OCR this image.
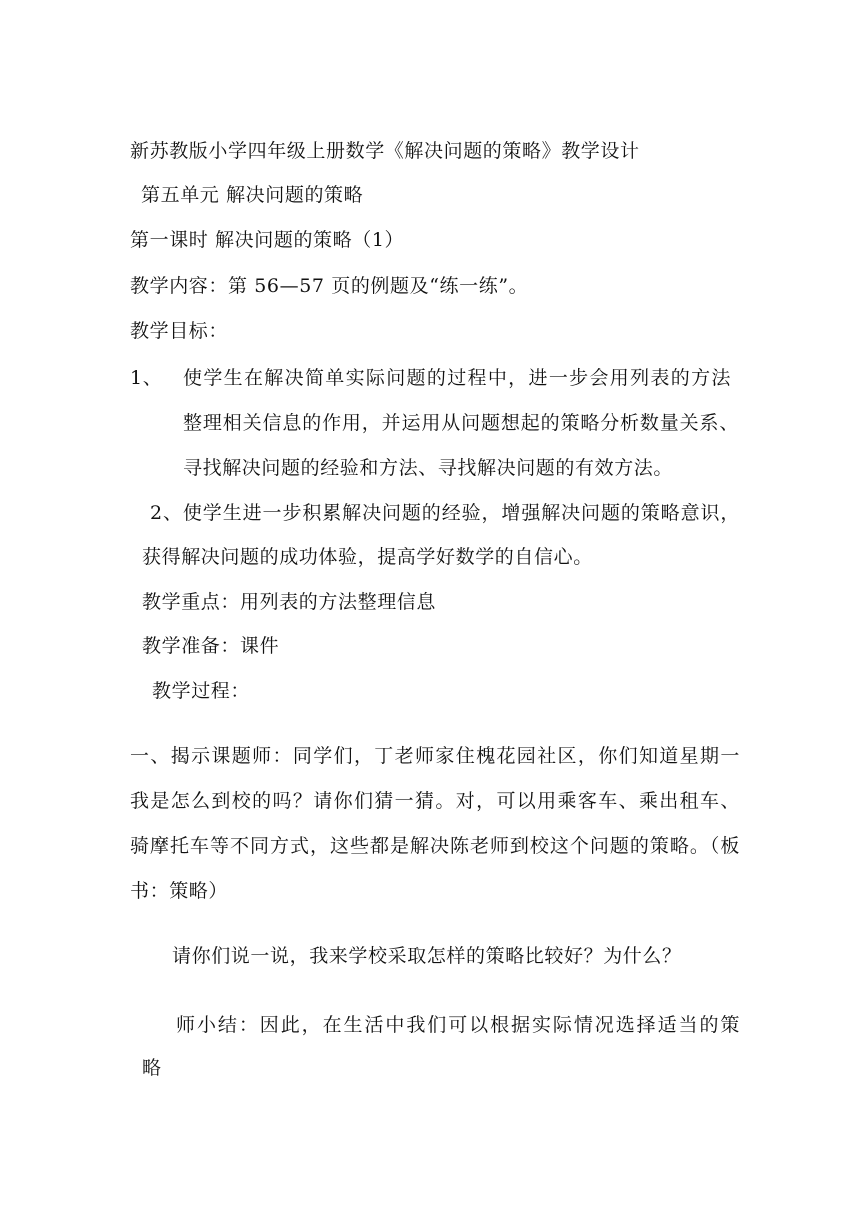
新苏教版小学四年级上册数学《解决问题的策略》教学设计
第五单元 解决问题的策略
第一课时 解决问题的策略（1）
教学内容：第 56—57 页的例题及“练一练”。
教学目标：
1、 使学生在解决简单实际问题的过程中，进一步会用列表的方法
整理相关信息的作用，并运用从问题想起的策略分析数量关系、
寻找解决问题的经验和方法、寻找解决问题的有效方法。
2、使学生进一步积累解决问题的经验，增强解决问题的策略意识，
获得解决问题的成功体验，提高学好数学的自信心。
教学重点：用列表的方法整理信息
教学准备：课件
教学过程：
一、揭示课题师：同学们，丁老师家住槐花园社区，你们知道星期一
我是怎么到校的吗？请你们猜一猜。对，可以用乘客车、乘出租车、
骑摩托车等不同方式，这些都是解决陈老师到校这个问题的策略。（板
书：策略）
请你们说一说，我来学校采取怎样的策略比较好？为什么？
师小结：因此，在生活中我们可以根据实际情况选择适当的策
略
